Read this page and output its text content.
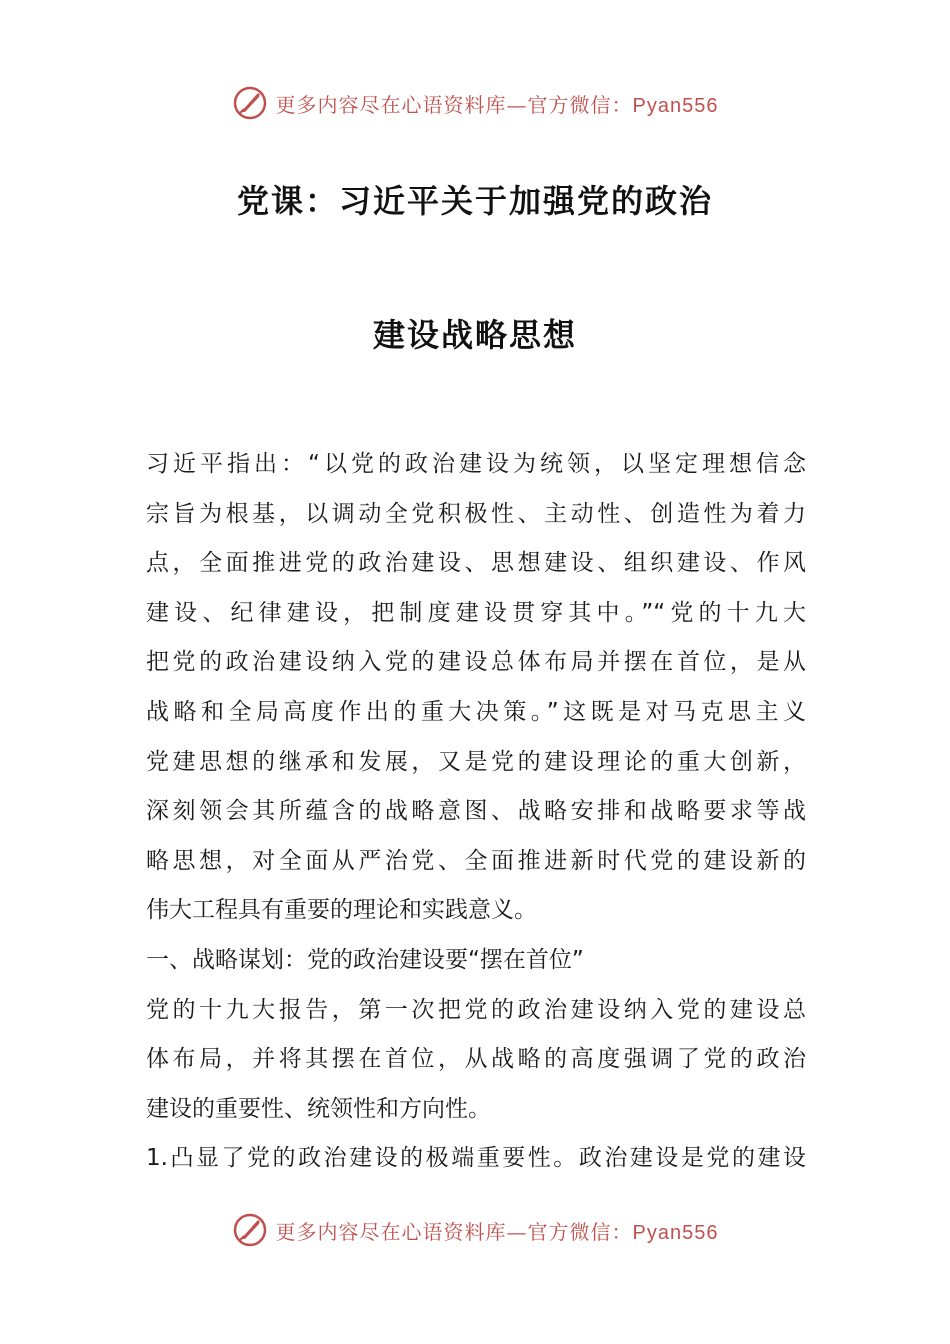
更多内容尽在心语资料库—官方微信：Pyan556
党课：习近平关于加强党的政治
建设战略思想
习近平指出：“以党的政治建设为统领，以坚定理想信念
宗旨为根基，以调动全党积极性、主动性、创造性为着力
点，全面推进党的政治建设、思想建设、组织建设、作风
建设、纪律建设，把制度建设贯穿其中。”“党的十九大
把党的政治建设纳入党的建设总体布局并摆在首位，是从
战略和全局高度作出的重大决策。”这既是对马克思主义
党建思想的继承和发展，又是党的建设理论的重大创新，
深刻领会其所蕴含的战略意图、战略安排和战略要求等战
略思想，对全面从严治党、全面推进新时代党的建设新的
伟大工程具有重要的理论和实践意义。
一、战略谋划：党的政治建设要“摆在首位”
党的十九大报告，第一次把党的政治建设纳入党的建设总
体布局，并将其摆在首位，从战略的高度强调了党的政治
建设的重要性、统领性和方向性。
1.凸显了党的政治建设的极端重要性。政治建设是党的建设
更多内容尽在心语资料库—官方微信：Pyan556
